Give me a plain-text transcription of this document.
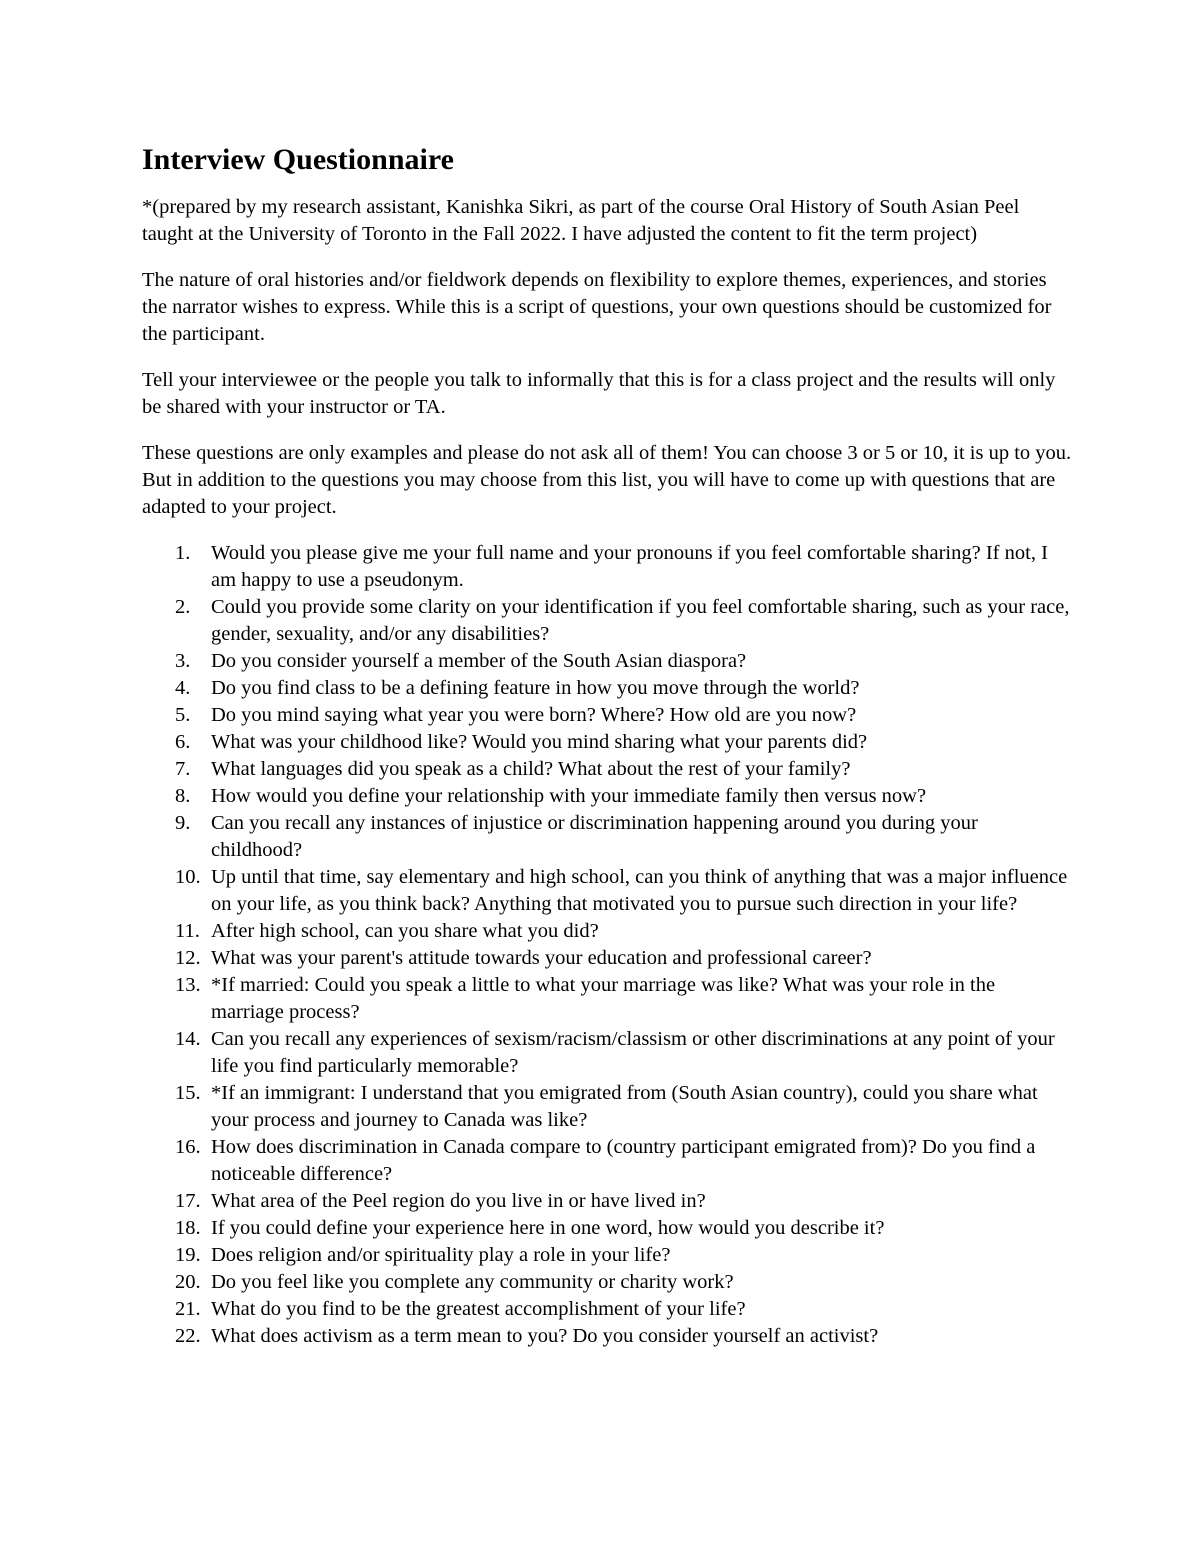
Interview Questionnaire

*(prepared by my research assistant, Kanishka Sikri, as part of the course Oral History of South Asian Peel taught at the University of Toronto in the Fall 2022. I have adjusted the content to fit the term project)

The nature of oral histories and/or fieldwork depends on flexibility to explore themes, experiences, and stories the narrator wishes to express. While this is a script of questions, your own questions should be customized for the participant.

Tell your interviewee or the people you talk to informally that this is for a class project and the results will only be shared with your instructor or TA.

These questions are only examples and please do not ask all of them! You can choose 3 or 5 or 10, it is up to you. But in addition to the questions you may choose from this list, you will have to come up with questions that are adapted to your project.

1. Would you please give me your full name and your pronouns if you feel comfortable sharing? If not, I am happy to use a pseudonym.
2. Could you provide some clarity on your identification if you feel comfortable sharing, such as your race, gender, sexuality, and/or any disabilities?
3. Do you consider yourself a member of the South Asian diaspora?
4. Do you find class to be a defining feature in how you move through the world?
5. Do you mind saying what year you were born? Where? How old are you now?
6. What was your childhood like? Would you mind sharing what your parents did?
7. What languages did you speak as a child? What about the rest of your family?
8. How would you define your relationship with your immediate family then versus now?
9. Can you recall any instances of injustice or discrimination happening around you during your childhood?
10. Up until that time, say elementary and high school, can you think of anything that was a major influence on your life, as you think back? Anything that motivated you to pursue such direction in your life?
11. After high school, can you share what you did?
12. What was your parent's attitude towards your education and professional career?
13. *If married: Could you speak a little to what your marriage was like? What was your role in the marriage process?
14. Can you recall any experiences of sexism/racism/classism or other discriminations at any point of your life you find particularly memorable?
15. *If an immigrant: I understand that you emigrated from (South Asian country), could you share what your process and journey to Canada was like?
16. How does discrimination in Canada compare to (country participant emigrated from)? Do you find a noticeable difference?
17. What area of the Peel region do you live in or have lived in?
18. If you could define your experience here in one word, how would you describe it?
19. Does religion and/or spirituality play a role in your life?
20. Do you feel like you complete any community or charity work?
21. What do you find to be the greatest accomplishment of your life?
22. What does activism as a term mean to you? Do you consider yourself an activist?
